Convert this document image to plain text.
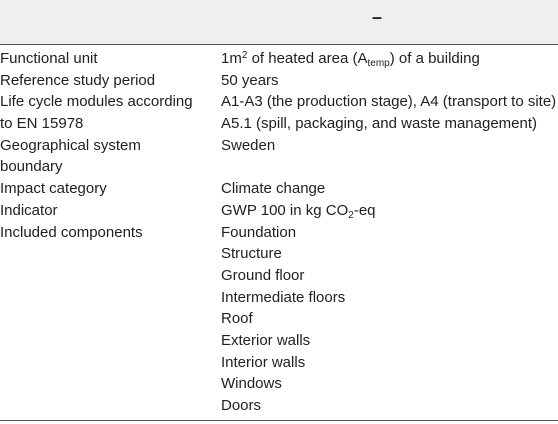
–
Functional unit
Reference study period
Life cycle modules according
to EN 15978
Geographical system
boundary
Impact category
Indicator
Included components
$1m^2$ of heated area $(A_{temp})$ of a building
50 years
A1-A3 (the production stage), A4 (transport to site)
A5.1 (spill, packaging, and waste management)
Sweden
Climate change
GWP 100 in kg $CO_2-eq$
Foundation
Structure
Ground floor
Intermediate floors
Roof
Exterior walls
Interior walls
Windows
Doors
